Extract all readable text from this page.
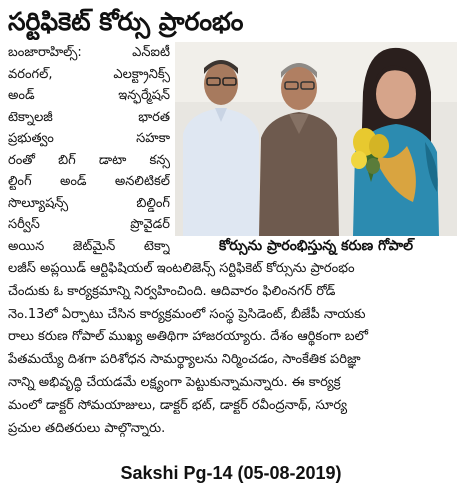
సర్టిఫికెట్ కోర్సు ప్రారంభం
బంజారాహిల్స్: ఎన్ఐటీ
వరంగల్, ఎలక్ట్రానిక్స్
అండ్ ఇన్ఫర్మేషన్
టెక్నాలజీ భారత
ప్రభుత్వం సహకా
రంతో బిగ్ డాటా కన్స
ల్టింగ్ అండ్ అనలిటికల్
సొల్యూషన్స్ బిల్డింగ్
సర్వీస్ ప్రొవైడర్
అయిన జెట్‌మైన్ టెక్నా	కోర్సును ప్రారంభిస్తున్న కరుణ గోపాల్
లజీస్ అప్లయిడ్ ఆర్టిఫిషియల్ ఇంటలిజెన్స్ సర్టిఫికెట్ కోర్సును ప్రారంభం
చేందుకు ఓ కార్యక్రమాన్ని నిర్వహించింది. ఆదివారం ఫిలింనగర్ రోడ్
నెం.13లో ఏర్పాటు చేసిన కార్యక్రమంలో సంస్థ ప్రెసిడెంట్, బీజేపీ నాయకు
రాలు కరుణ గోపాల్ ముఖ్య అతిథిగా హాజరయ్యారు. దేశం ఆర్థికంగా బలో
పేతమయ్యే దిశగా పరిశోధన సామర్థ్యాలను నిర్మించడం, సాంకేతిక పరిజ్ఞా
నాన్ని అభివృద్ధి చేయడమే లక్ష్యంగా పెట్టుకున్నామన్నారు. ఈ కార్యక్ర
మంలో డాక్టర్ సోమయాజులు, డాక్టర్ భట్, డాక్టర్ రవీంద్రనాథ్, సూర్య
ప్రచుల తదితరులు పాల్గొన్నారు.
Sakshi Pg-14 (05-08-2019)
